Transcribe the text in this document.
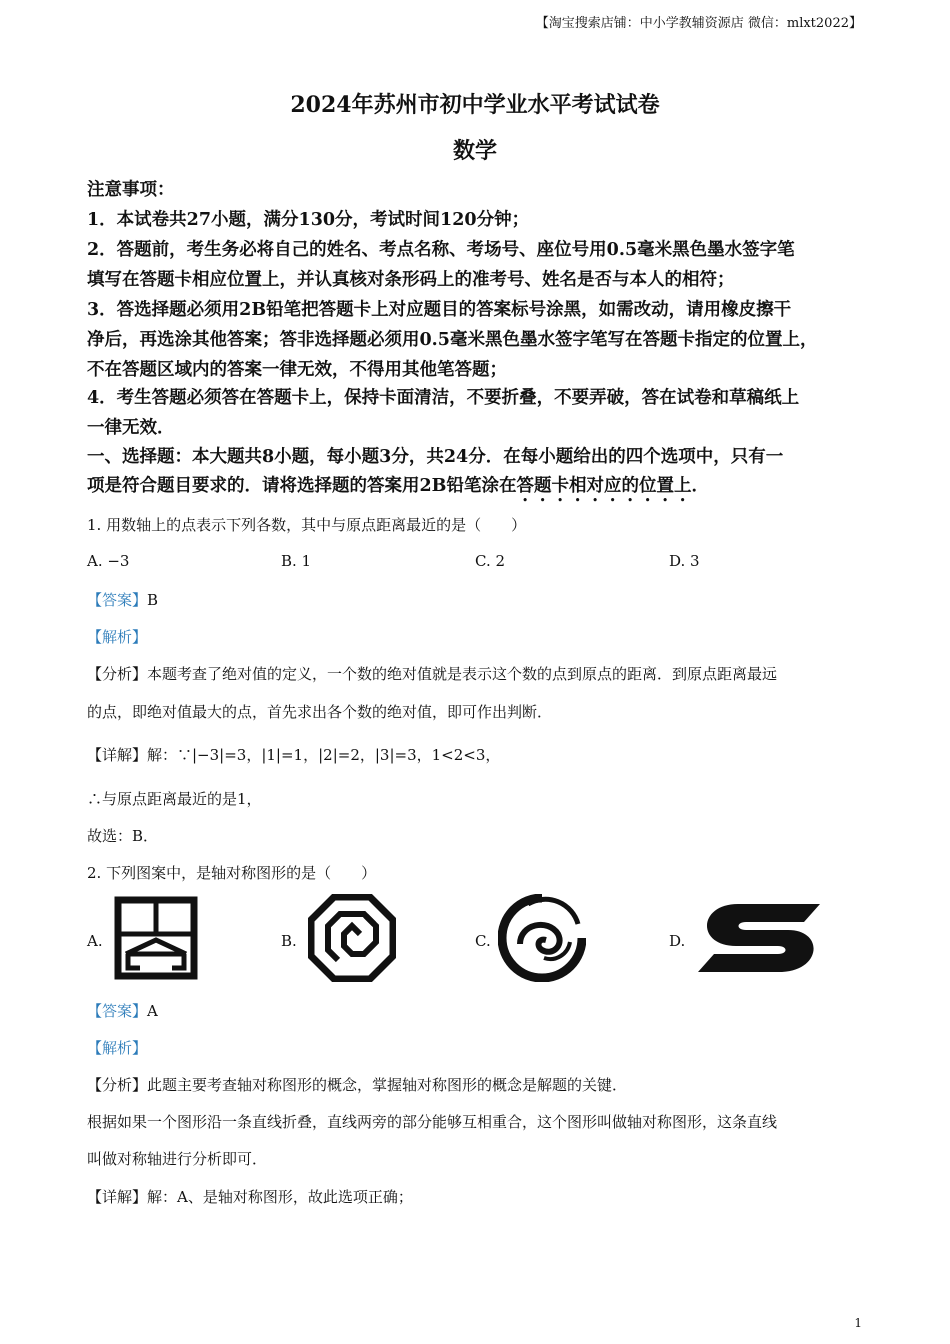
【淘宝搜索店铺：中小学教辅资源店 微信：mlxt2022】
2024年苏州市初中学业水平考试试卷
数学
注意事项：
1．本试卷共27小题，满分130分，考试时间120分钟；
2．答题前，考生务必将自己的姓名、考点名称、考场号、座位号用0.5毫米黑色墨水签字笔
填写在答题卡相应位置上，并认真核对条形码上的准考号、姓名是否与本人的相符；
3．答选择题必须用2B铅笔把答题卡上对应题目的答案标号涂黑，如需改动，请用橡皮擦干
净后，再选涂其他答案；答非选择题必须用0.5毫米黑色墨水签字笔写在答题卡指定的位置上，
不在答题区域内的答案一律无效，不得用其他笔答题；
4．考生答题必须答在答题卡上，保持卡面清洁，不要折叠，不要弄破，答在试卷和草稿纸上
一律无效．
一、选择题：本大题共8小题，每小题3分，共24分．在每小题给出的四个选项中，只有一
项是符合题目要求的．请将选择题的答案用2B铅笔涂在答题卡相对应的位置上．
1. 用数轴上的点表示下列各数，其中与原点距离最近的是（　　）
A. −3	B. 1	C. 2	D. 3
【答案】B
【解析】
【分析】本题考查了绝对值的定义，一个数的绝对值就是表示这个数的点到原点的距离．到原点距离最远
的点，即绝对值最大的点，首先求出各个数的绝对值，即可作出判断．
【详解】解：∵|−3|=3，|1|=1，|2|=2，|3|=3，1<2<3，
∴与原点距离最近的是1，
故选：B．
2. 下列图案中，是轴对称图形的是（　　）
A.	B.	C.	D.
【答案】A
【解析】
【分析】此题主要考查轴对称图形的概念，掌握轴对称图形的概念是解题的关键．
根据如果一个图形沿一条直线折叠，直线两旁的部分能够互相重合，这个图形叫做轴对称图形，这条直线
叫做对称轴进行分析即可．
【详解】解：A、是轴对称图形，故此选项正确；
1
